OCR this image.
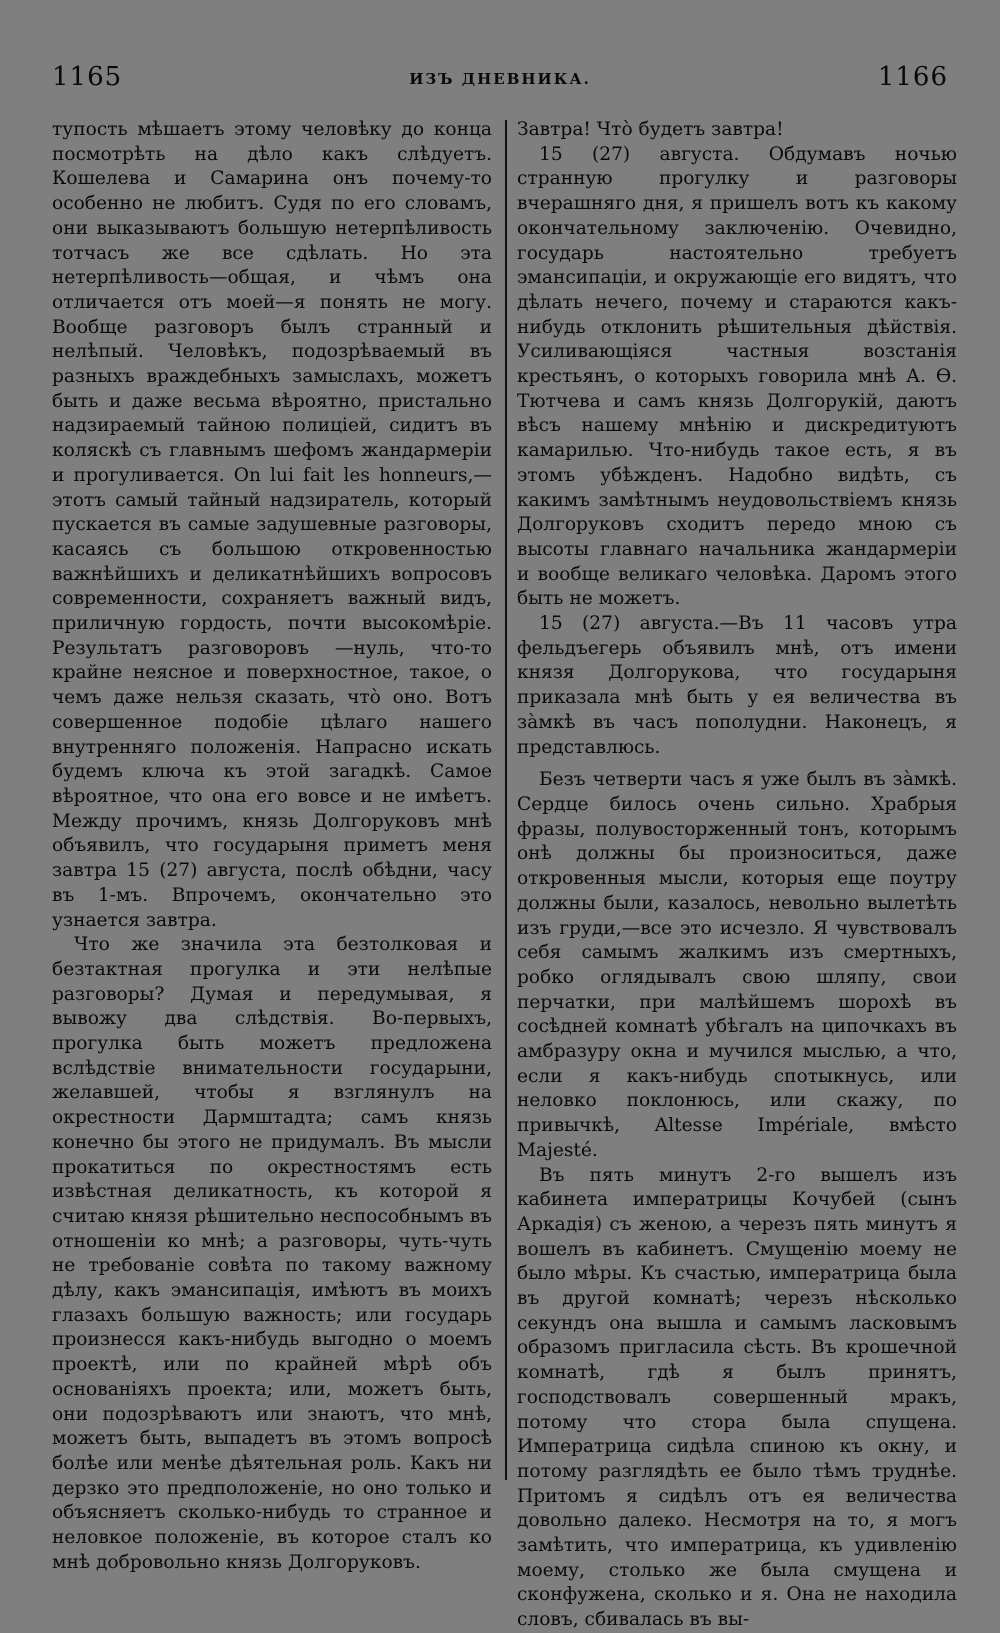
1165	ИЗЪ ДНЕВНИКА.	1166

тупость мѣшаетъ этому человѣку до конца посмотрѣть на дѣло какъ слѣдуетъ. Кошелева и Самарина онъ почему-то особенно не любитъ. Судя по его словамъ, они выказываютъ большую нетерпѣливость тотчасъ же все сдѣлать. Но эта нетерпѣливость—общая, и чѣмъ она отличается отъ моей—я понять не могу. Вообще разговоръ былъ странный и нелѣпый. Человѣкъ, подозрѣваемый въ разныхъ враждебныхъ замыслахъ, можетъ быть и даже весьма вѣроятно, пристально надзираемый тайною полиціей, сидитъ въ коляскѣ съ главнымъ шефомъ жандармеріи и прогуливается. On lui fait les honneurs,—этотъ самый тайный надзиратель, который пускается въ самые задушевные разговоры, касаясь съ большою откровенностью важнѣйшихъ и деликатнѣйшихъ вопросовъ современности, сохраняетъ важный видъ, приличную гордость, почти высокомѣріе. Результатъ разговоровъ —нуль, что-то крайне неясное и поверхностное, такое, о чемъ даже нельзя сказать, что̀ оно. Вотъ совершенное подобіе цѣлаго нашего внутренняго положенія. Напрасно искать будемъ ключа къ этой загадкѣ. Самое вѣроятное, что она его вовсе и не имѣетъ. Между прочимъ, князь Долгоруковъ мнѣ объявилъ, что государыня приметъ меня завтра 15 (27) августа, послѣ обѣдни, часу въ 1-мъ. Впрочемъ, окончательно это узнается завтра.

Что же значила эта безтолковая и безтактная прогулка и эти нелѣпые разговоры? Думая и передумывая, я вывожу два слѣдствія. Во-первыхъ, прогулка быть можетъ предложена вслѣдствіе внимательности государыни, желавшей, чтобы я взглянулъ на окрестности Дармштадта; самъ князь конечно бы этого не придумалъ. Въ мысли прокатиться по окрестностямъ есть извѣстная деликатность, къ которой я считаю князя рѣшительно неспособнымъ въ отношеніи ко мнѣ; а разговоры, чуть-чуть не требованіе совѣта по такому важному дѣлу, какъ эмансипація, имѣютъ въ моихъ глазахъ большую важность; или государь произнесся какъ-нибудь выгодно о моемъ проектѣ, или по крайней мѣрѣ объ основаніяхъ проекта; или, можетъ быть, они подозрѣваютъ или знаютъ, что мнѣ, можетъ быть, выпадетъ въ этомъ вопросѣ болѣе или менѣе дѣятельная роль. Какъ ни дерзко это предположеніе, но оно только и объясняетъ сколько-нибудь то странное и неловкое положеніе, въ которое сталъ ко мнѣ добровольно князь Долгоруковъ.

Завтра! Что̀ будетъ завтра!

15 (27) августа. Обдумавъ ночью странную прогулку и разговоры вчерашняго дня, я пришелъ вотъ къ какому окончательному заключенію. Очевидно, государь настоятельно требуетъ эмансипаціи, и окружающіе его видятъ, что дѣлать нечего, почему и стараются какъ-нибудь отклонить рѣшительныя дѣйствія. Усиливающіяся частныя возстанія крестьянъ, о которыхъ говорила мнѣ А. Ѳ. Тютчева и самъ князь Долгорукій, даютъ вѣсъ нашему мнѣнію и дискредитуютъ камарилью. Что-нибудь такое есть, я въ этомъ убѣжденъ. Надобно видѣть, съ какимъ замѣтнымъ неудовольствіемъ князь Долгоруковъ сходитъ передо мною съ высоты главнаго начальника жандармеріи и вообще великаго человѣка. Даромъ этого быть не можетъ.

15 (27) августа.—Въ 11 часовъ утра фельдъегерь объявилъ мнѣ, отъ имени князя Долгорукова, что государыня приказала мнѣ быть у ея величества въ за̀мкѣ въ часъ пополудни. Наконецъ, я представлюсь.

Безъ четверти часъ я уже былъ въ за̀мкѣ. Сердце билось очень сильно. Храбрыя фразы, полувосторженный тонъ, которымъ онѣ должны бы произноситься, даже откровенныя мысли, которыя еще поутру должны были, казалось, невольно вылетѣть изъ груди,—все это исчезло. Я чувствовалъ себя самымъ жалкимъ изъ смертныхъ, робко оглядывалъ свою шляпу, свои перчатки, при малѣйшемъ шорохѣ въ сосѣдней комнатѣ убѣгалъ на ципочкахъ въ амбразуру окна и мучился мыслью, а что, если я какъ-нибудь спотыкнусь, или неловко поклонюсь, или скажу, по привычкѣ, Altesse Impériale, вмѣсто Majesté.

Въ пять минутъ 2-го вышелъ изъ кабинета императрицы Кочубей (сынъ Аркадія) съ женою, а черезъ пять минутъ я вошелъ въ кабинетъ. Смущенію моему не было мѣры. Къ счастью, императрица была въ другой комнатѣ; черезъ нѣсколько секундъ она вышла и самымъ ласковымъ образомъ пригласила сѣсть. Въ крошечной комнатѣ, гдѣ я былъ принятъ, господствовалъ совершенный мракъ, потому что стора была спущена. Императрица сидѣла спиною къ окну, и потому разглядѣть ее было тѣмъ труднѣе. Притомъ я сидѣлъ отъ ея величества довольно далеко. Несмотря на то, я могъ замѣтить, что императрица, къ удивленію моему, столько же была смущена и сконфужена, сколько и я. Она не находила словъ, сбивалась въ вы-
